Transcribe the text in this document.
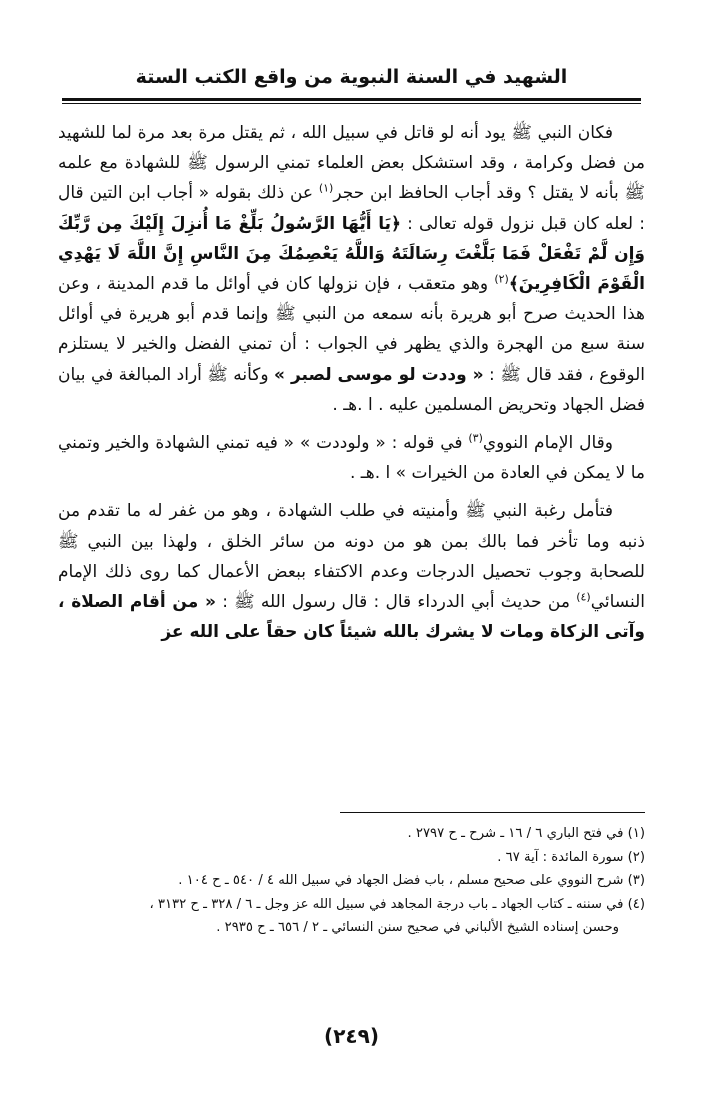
الشهيد في السنة النبوية من واقع الكتب الستة

فكان النبي ﷺ يود أنه لو قاتل في سبيل الله ، ثم يقتل مرة بعد مرة لما للشهيد من فضل وكرامة ، وقد استشكل بعض العلماء تمني الرسول ﷺ للشهادة مع علمه ﷺ بأنه لا يقتل ؟ وقد أجاب الحافظ ابن حجر$^{(١)}$ عن ذلك بقوله « أجاب ابن التين قال : لعله كان قبل نزول قوله تعالى : ﴿يَا أَيُّهَا الرَّسُولُ بَلِّغْ مَا أُنزِلَ إِلَيْكَ مِن رَّبِّكَ وَإِن لَّمْ تَفْعَلْ فَمَا بَلَّغْتَ رِسَالَتَهُ وَاللَّهُ يَعْصِمُكَ مِنَ النَّاسِ إِنَّ اللَّهَ لَا يَهْدِي الْقَوْمَ الْكَافِرِينَ﴾$^{(٢)}$ وهو متعقب ، فإن نزولها كان في أوائل ما قدم المدينة ، وعن هذا الحديث صرح أبو هريرة بأنه سمعه من النبي ﷺ وإنما قدم أبو هريرة في أوائل سنة سبع من الهجرة والذي يظهر في الجواب : أن تمني الفضل والخير لا يستلزم الوقوع ، فقد قال ﷺ : « وددت لو موسى لصبر » وكأنه ﷺ أراد المبالغة في بيان فضل الجهاد وتحريض المسلمين عليه . ا .هـ .

وقال الإمام النووي$^{(٣)}$ في قوله : « ولوددت » « فيه تمني الشهادة والخير وتمني ما لا يمكن في العادة من الخيرات » ا .هـ .

فتأمل رغبة النبي ﷺ وأمنيته في طلب الشهادة ، وهو من غفر له ما تقدم من ذنبه وما تأخر فما بالك بمن هو من دونه من سائر الخلق ، ولهذا بين النبي ﷺ للصحابة وجوب تحصيل الدرجات وعدم الاكتفاء ببعض الأعمال كما روى ذلك الإمام النسائي$^{(٤)}$ من حديث أبي الدرداء قال : قال رسول الله ﷺ : « من أقام الصلاة ، وآتى الزكاة ومات لا يشرك بالله شيئاً كان حقاً على الله عز

(١) في فتح الباري ٦ / ١٦ ـ شرح ـ ح ٢٧٩٧ .
(٢) سورة المائدة : آية ٦٧ .
(٣) شرح النووي على صحيح مسلم ، باب فضل الجهاد في سبيل الله ٤ / ٥٤٠ ـ ح ١٠٤ .
(٤) في سننه ـ كتاب الجهاد ـ باب درجة المجاهد في سبيل الله عز وجل ـ ٦ / ٣٢٨ ـ ح ٣١٣٢ ،
وحسن إسناده الشيخ الألباني في صحيح سنن النسائي ـ ٢ / ٦٥٦ ـ ح ٢٩٣٥ .
(٢٤٩)
